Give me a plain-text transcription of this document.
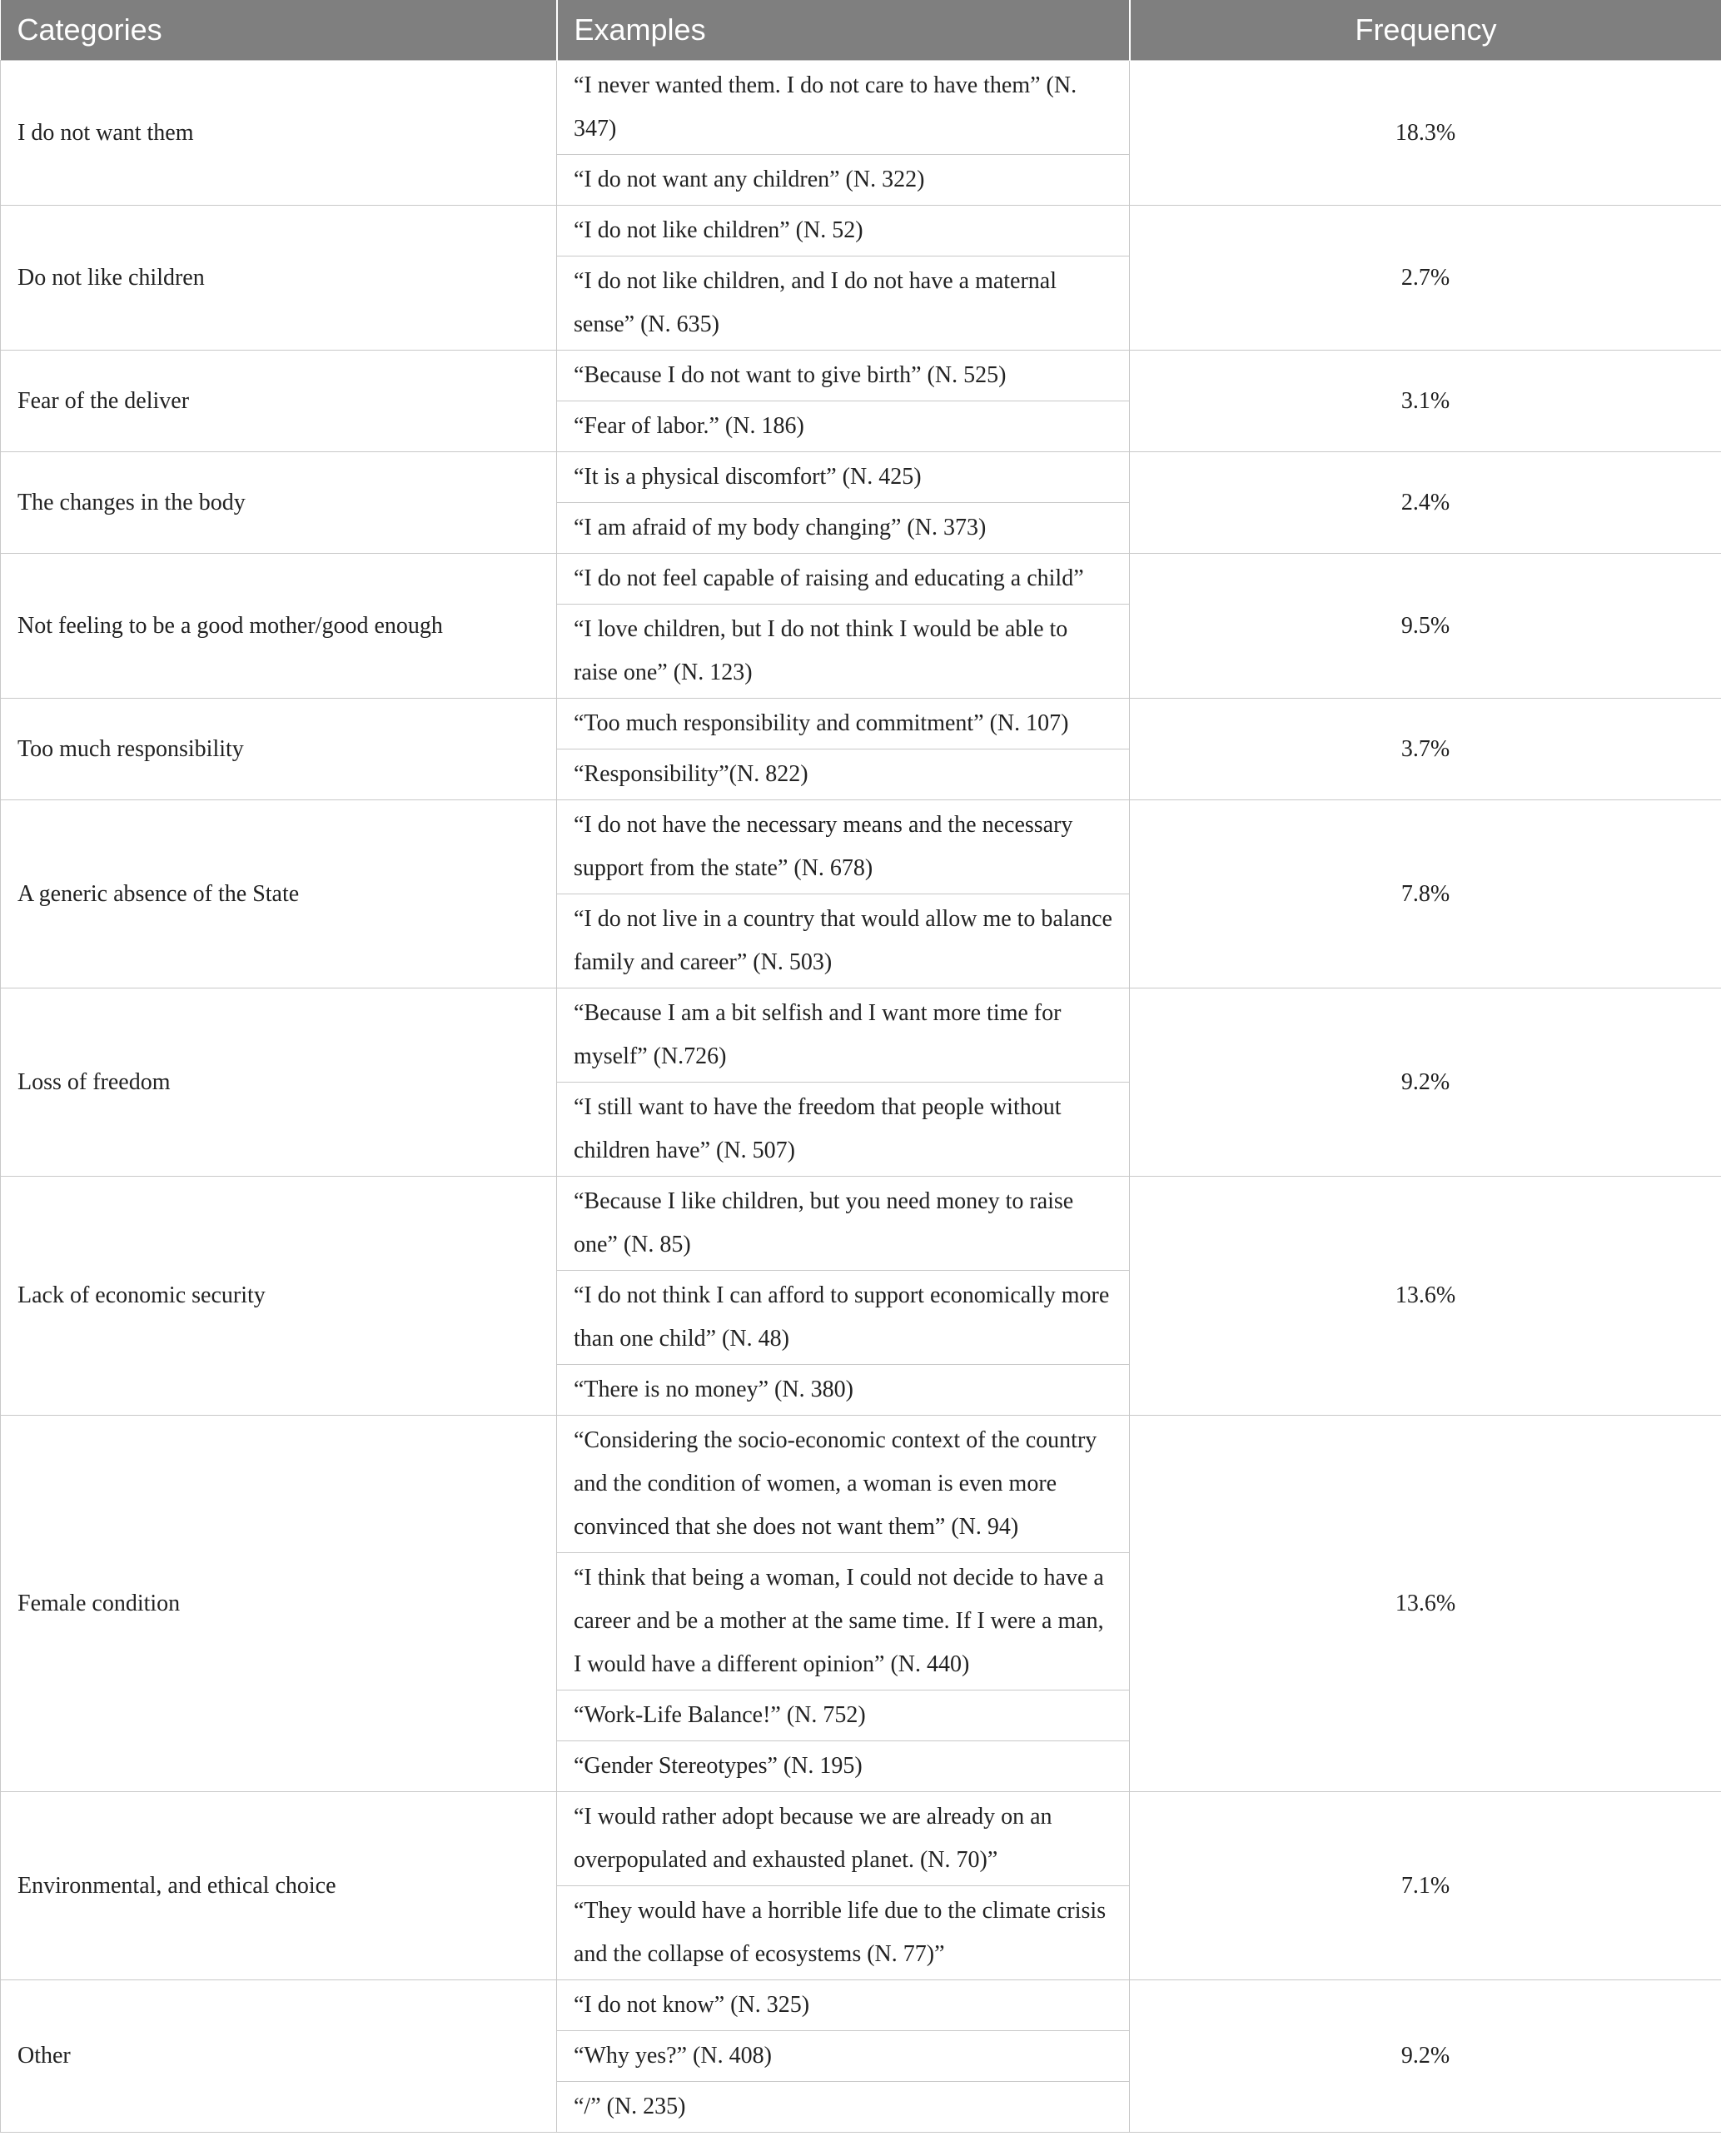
Categories	Examples	Frequency
I do not want them	“I never wanted them. I do not care to have them” (N. 347)	18.3%
	“I do not want any children” (N. 322)	
Do not like children	“I do not like children” (N. 52)	2.7%
	“I do not like children, and I do not have a maternal sense” (N. 635)	
Fear of the deliver	“Because I do not want to give birth” (N. 525)	3.1%
	“Fear of labor.” (N. 186)	
The changes in the body	“It is a physical discomfort” (N. 425)	2.4%
	“I am afraid of my body changing” (N. 373)	
Not feeling to be a good mother/good enough	“I do not feel capable of raising and educating a child”	9.5%
	“I love children, but I do not think I would be able to raise one” (N. 123)	
Too much responsibility	“Too much responsibility and commitment” (N. 107)	3.7%
	“Responsibility”(N. 822)	
A generic absence of the State	“I do not have the necessary means and the necessary support from the state” (N. 678)	7.8%
	“I do not live in a country that would allow me to balance family and career” (N. 503)	
Loss of freedom	“Because I am a bit selfish and I want more time for myself” (N.726)	9.2%
	“I still want to have the freedom that people without children have” (N. 507)	
Lack of economic security	“Because I like children, but you need money to raise one” (N. 85)	13.6%
	“I do not think I can afford to support economically more than one child” (N. 48)	
	“There is no money” (N. 380)	
Female condition	“Considering the socio-economic context of the country and the condition of women, a woman is even more convinced that she does not want them” (N. 94)	13.6%
	“I think that being a woman, I could not decide to have a career and be a mother at the same time. If I were a man, I would have a different opinion” (N. 440)	
	“Work-Life Balance!” (N. 752)	
	“Gender Stereotypes” (N. 195)	
Environmental, and ethical choice	“I would rather adopt because we are already on an overpopulated and exhausted planet. (N. 70)”	7.1%
	“They would have a horrible life due to the climate crisis and the collapse of ecosystems (N. 77)”	
Other	“I do not know” (N. 325)	9.2%
	“Why yes?” (N. 408)	
	“/” (N. 235)	
